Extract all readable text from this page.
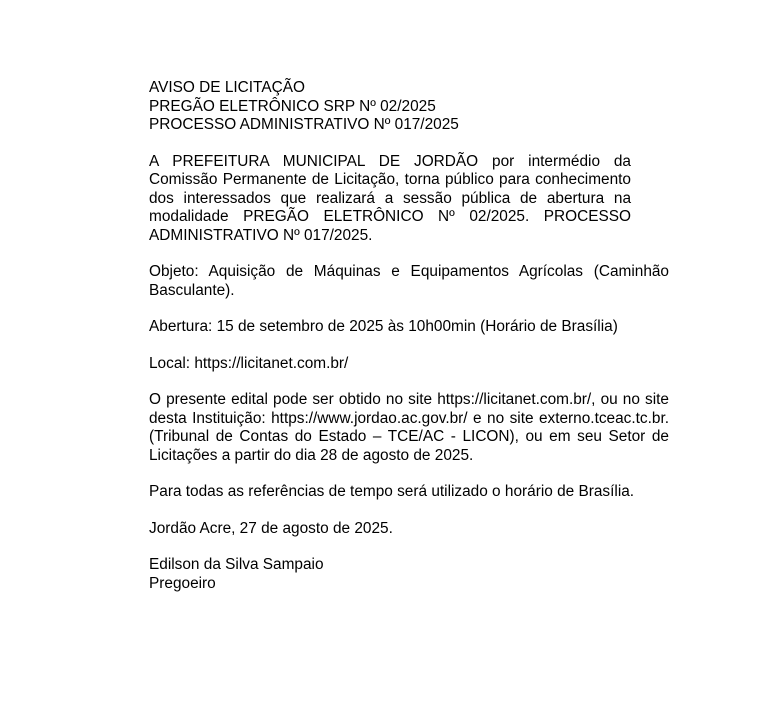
AVISO DE LICITAÇÃO
PREGÃO ELETRÔNICO SRP Nº 02/2025
PROCESSO ADMINISTRATIVO Nº 017/2025
A PREFEITURA MUNICIPAL DE JORDÃO por intermédio da Comissão Permanente de Licitação, torna público para conhecimento dos interessados que realizará a sessão pública de abertura na modalidade PREGÃO ELETRÔNICO Nº 02/2025. PROCESSO ADMINISTRATIVO Nº 017/2025.
Objeto: Aquisição de Máquinas e Equipamentos Agrícolas (Caminhão Basculante).
Abertura: 15 de setembro de 2025 às 10h00min (Horário de Brasília)
Local: https://licitanet.com.br/
O presente edital pode ser obtido no site https://licitanet.com.br/, ou no site desta Instituição: https://www.jordao.ac.gov.br/ e no site externo.tceac.tc.br. (Tribunal de Contas do Estado – TCE/AC - LICON), ou em seu Setor de Licitações a partir do dia 28 de agosto de 2025.
Para todas as referências de tempo será utilizado o horário de Brasília.
Jordão Acre, 27 de agosto de 2025.
Edilson da Silva Sampaio
Pregoeiro
